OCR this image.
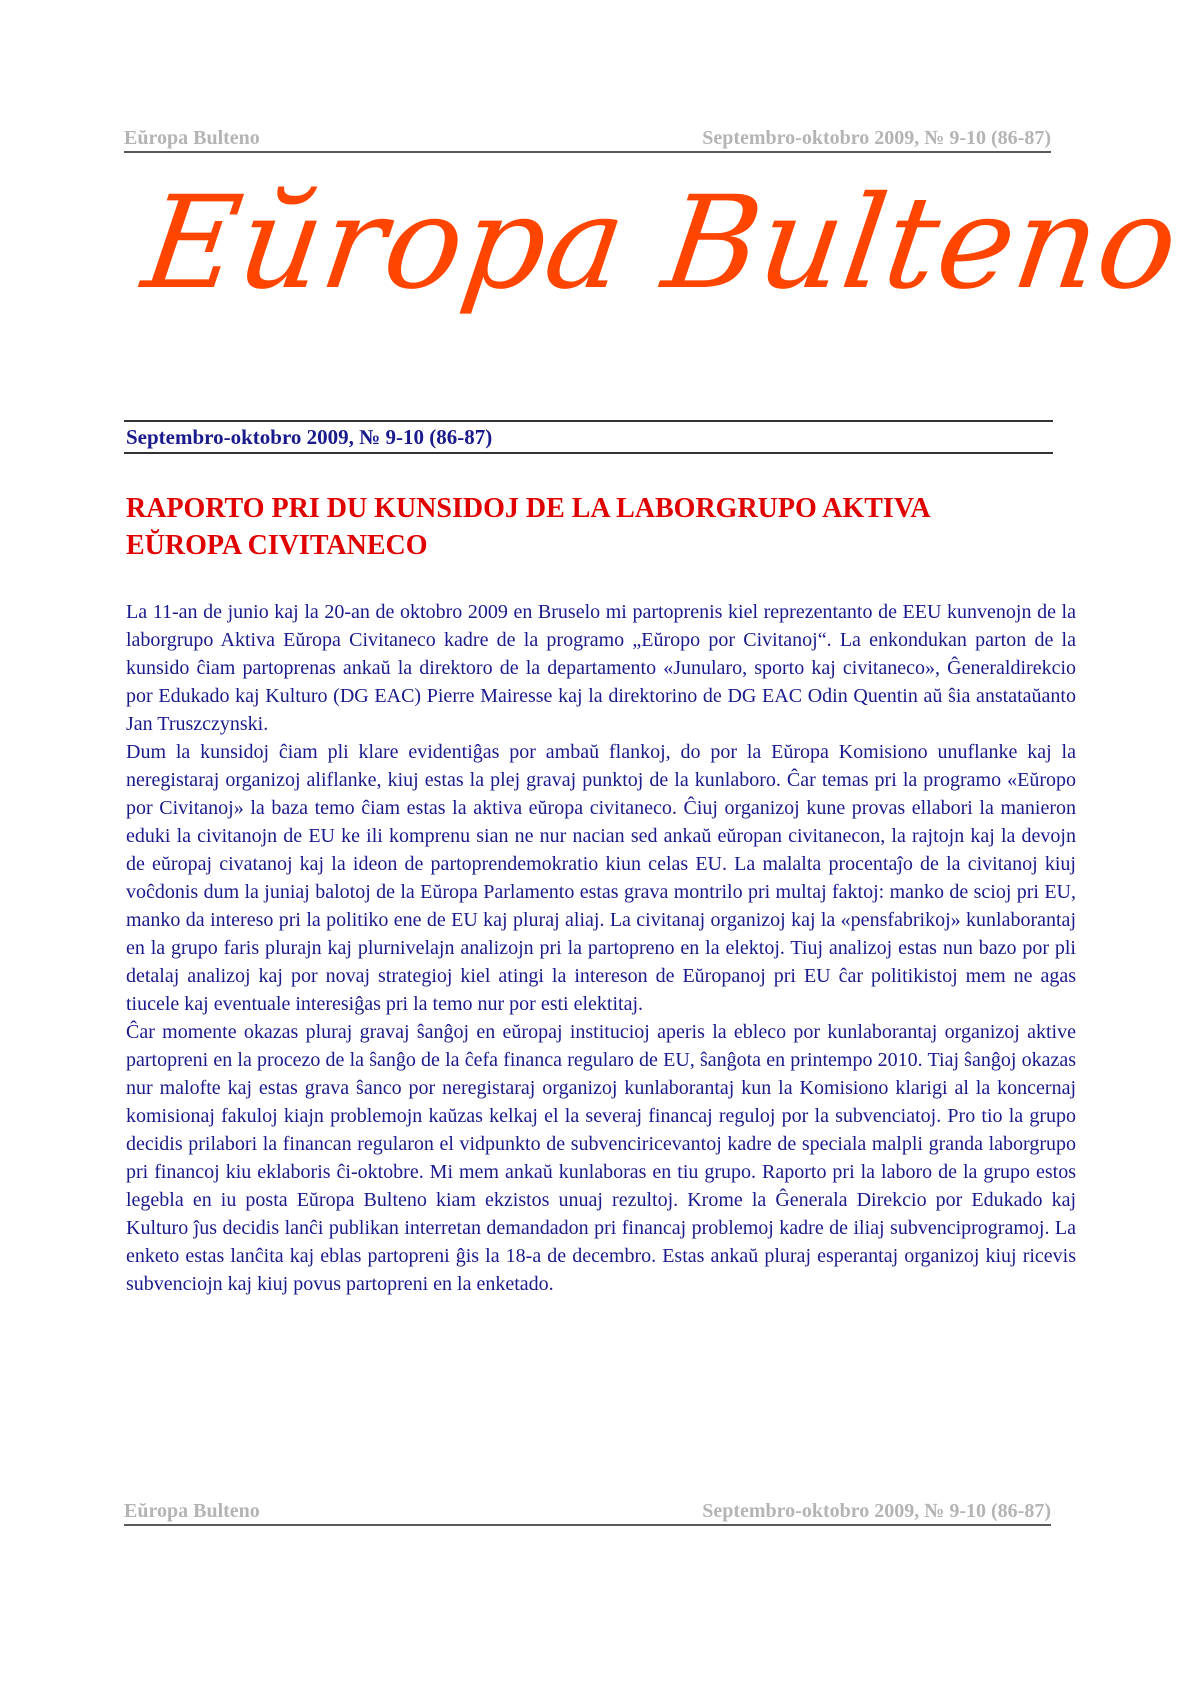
Eŭropa Bulteno	Septembro-oktobro 2009, № 9-10 (86-87)
Eŭropa Bulteno
Septembro-oktobro 2009, № 9-10 (86-87)
RAPORTO PRI DU KUNSIDOJ DE LA LABORGRUPO AKTIVA
EŬROPA CIVITANECO

La 11-an de junio kaj la 20-an de oktobro 2009 en Bruselo mi partoprenis kiel reprezentanto de EEU kunvenojn de la laborgrupo Aktiva Eŭropa Civitaneco kadre de la programo „Eŭropo por Civitanoj“. La enkondukan parton de la kunsido ĉiam partoprenas ankaŭ la direktoro de la departamento «Junularo, sporto kaj civitaneco», Ĝeneraldirekcio por Edukado kaj Kulturo (DG EAC) Pierre Mairesse kaj la direktorino de DG EAC Odin Quentin aŭ ŝia anstataŭanto Jan Truszczynski.

Dum la kunsidoj ĉiam pli klare evidentiĝas por ambaŭ flankoj, do por la Eŭropa Komisiono unuflanke kaj la neregistaraj organizoj aliflanke, kiuj estas la plej gravaj punktoj de la kunlaboro. Ĉar temas pri la programo «Eŭropo por Civitanoj» la baza temo ĉiam estas la aktiva eŭropa civitaneco. Ĉiuj organizoj kune provas ellabori la manieron eduki la civitanojn de EU ke ili komprenu sian ne nur nacian sed ankaŭ eŭropan civitanecon, la rajtojn kaj la devojn de eŭropaj civatanoj kaj la ideon de partoprendemokratio kiun celas EU. La malalta procentaĵo de la civitanoj kiuj voĉdonis dum la juniaj balotoj de la Eŭropa Parlamento estas grava montrilo pri multaj faktoj: manko de scioj pri EU, manko da intereso pri la politiko ene de EU kaj pluraj aliaj. La civitanaj organizoj kaj la «pensfabrikoj» kunlaborantaj en la grupo faris plurajn kaj plurnivelajn analizojn pri la partopreno en la elektoj. Tiuj analizoj estas nun bazo por pli detalaj analizoj kaj por novaj strategioj kiel atingi la intereson de Eŭropanoj pri EU ĉar politikistoj mem ne agas tiucele kaj eventuale interesiĝas pri la temo nur por esti elektitaj.

Ĉar momente okazas pluraj gravaj ŝanĝoj en eŭropaj institucioj aperis la ebleco por kunlaborantaj organizoj aktive partopreni en la procezo de la ŝanĝo de la ĉefa financa regularo de EU, ŝanĝota en printempo 2010. Tiaj ŝanĝoj okazas nur malofte kaj estas grava ŝanco por neregistaraj organizoj kunlaborantaj kun la Komisiono klarigi al la koncernaj komisionaj fakuloj kiajn problemojn kaŭzas kelkaj el la severaj financaj reguloj por la subvenciatoj. Pro tio la grupo decidis prilabori la financan regularon el vidpunkto de subvenciricevantoj kadre de speciala malpli granda laborgrupo pri financoj kiu eklaboris ĉi-oktobre. Mi mem ankaŭ kunlaboras en tiu grupo. Raporto pri la laboro de la grupo estos legebla en iu posta Eŭropa Bulteno kiam ekzistos unuaj rezultoj. Krome la Ĝenerala Direkcio por Edukado kaj Kulturo ĵus decidis lanĉi publikan interretan demandadon pri financaj problemoj kadre de iliaj subvenciprogramoj. La enketo estas lanĉita kaj eblas partopreni ĝis la 18-a de decembro. Estas ankaŭ pluraj esperantaj organizoj kiuj ricevis subvenciojn kaj kiuj povus partopreni en la enketado.

Eŭropa Bulteno	Septembro-oktobro 2009, № 9-10 (86-87)
